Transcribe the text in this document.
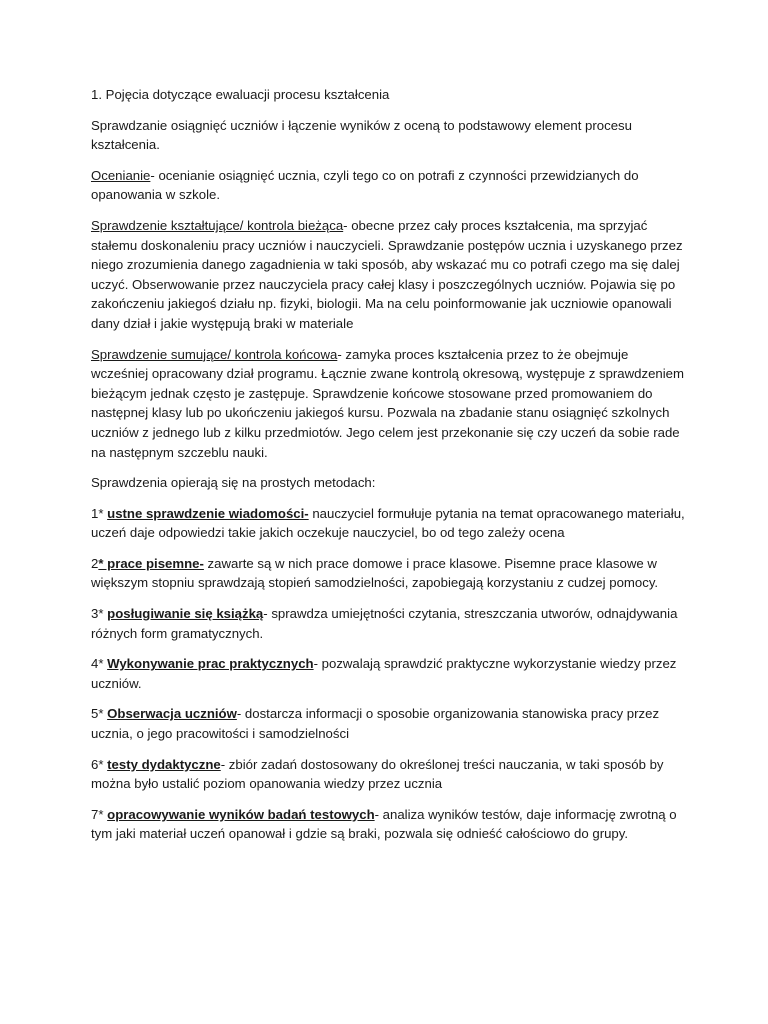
1. Pojęcia dotyczące ewaluacji procesu kształcenia

Sprawdzanie osiągnięć uczniów i łączenie wyników z oceną to podstawowy element procesu kształcenia.

Ocenianie- ocenianie osiągnięć ucznia, czyli tego co on potrafi z czynności przewidzianych do opanowania w szkole.

Sprawdzenie kształtujące/ kontrola bieżąca- obecne przez cały proces kształcenia, ma sprzyjać stałemu doskonaleniu pracy uczniów i nauczycieli. Sprawdzanie postępów ucznia i uzyskanego przez niego zrozumienia danego zagadnienia w taki sposób, aby wskazać mu co potrafi czego ma się dalej uczyć. Obserwowanie przez nauczyciela pracy całej klasy i poszczególnych uczniów. Pojawia się po zakończeniu jakiegoś działu np. fizyki, biologii. Ma na celu poinformowanie jak uczniowie opanowali dany dział i jakie występują braki w materiale

Sprawdzenie sumujące/ kontrola końcowa- zamyka proces kształcenia przez to że obejmuje wcześniej opracowany dział programu. Łącznie zwane kontrolą okresową, występuje z sprawdzeniem bieżącym jednak często je zastępuje. Sprawdzenie końcowe stosowane przed promowaniem do następnej klasy lub po ukończeniu jakiegoś kursu. Pozwala na zbadanie stanu osiągnięć szkolnych uczniów z jednego lub z kilku przedmiotów. Jego celem jest przekonanie się czy uczeń da sobie rade na następnym szczeblu nauki.

Sprawdzenia opierają się na prostych metodach:

1* ustne sprawdzenie wiadomości- nauczyciel formułuje pytania na temat opracowanego materiału, uczeń daje odpowiedzi takie jakich oczekuje nauczyciel, bo od tego zależy ocena

2* prace pisemne- zawarte są w nich prace domowe i prace klasowe. Pisemne prace klasowe w większym stopniu sprawdzają stopień samodzielności, zapobiegają korzystaniu z cudzej pomocy.

3* posługiwanie się książką- sprawdza umiejętności czytania, streszczania utworów, odnajdywania różnych form gramatycznych.

4* Wykonywanie prac praktycznych- pozwalają sprawdzić praktyczne wykorzystanie wiedzy przez uczniów.

5* Obserwacja uczniów- dostarcza informacji o sposobie organizowania stanowiska pracy przez ucznia, o jego pracowitości i samodzielności

6* testy dydaktyczne- zbiór zadań dostosowany do określonej treści nauczania, w taki sposób by można było ustalić poziom opanowania wiedzy przez ucznia

7* opracowywanie wyników badań testowych- analiza wyników testów, daje informację zwrotną o tym jaki materiał uczeń opanował i gdzie są braki, pozwala się odnieść całościowo do grupy.
